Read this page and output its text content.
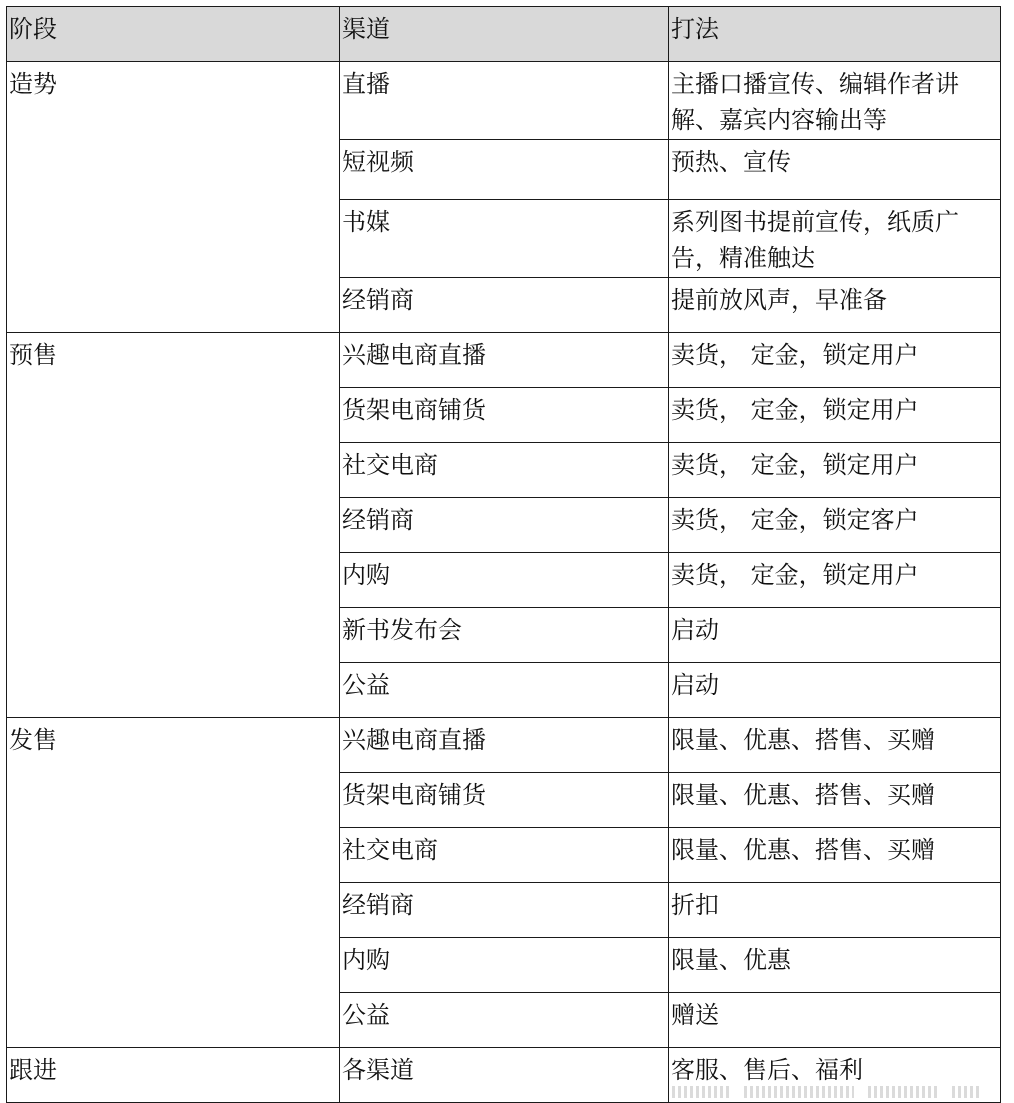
阶段	渠道	打法
造势	直播	主播口播宣传、编辑作者讲解、嘉宾内容输出等
	短视频	预热、宣传
	书媒	系列图书提前宣传，纸质广告，精准触达
	经销商	提前放风声，早准备
预售	兴趣电商直播	卖货， 定金，锁定用户
	货架电商铺货	卖货， 定金，锁定用户
	社交电商	卖货， 定金，锁定用户
	经销商	卖货， 定金，锁定客户
	内购	卖货， 定金，锁定用户
	新书发布会	启动
	公益	启动
发售	兴趣电商直播	限量、优惠、搭售、买赠
	货架电商铺货	限量、优惠、搭售、买赠
	社交电商	限量、优惠、搭售、买赠
	经销商	折扣
	内购	限量、优惠
	公益	赠送
跟进	各渠道	客服、售后、福利
